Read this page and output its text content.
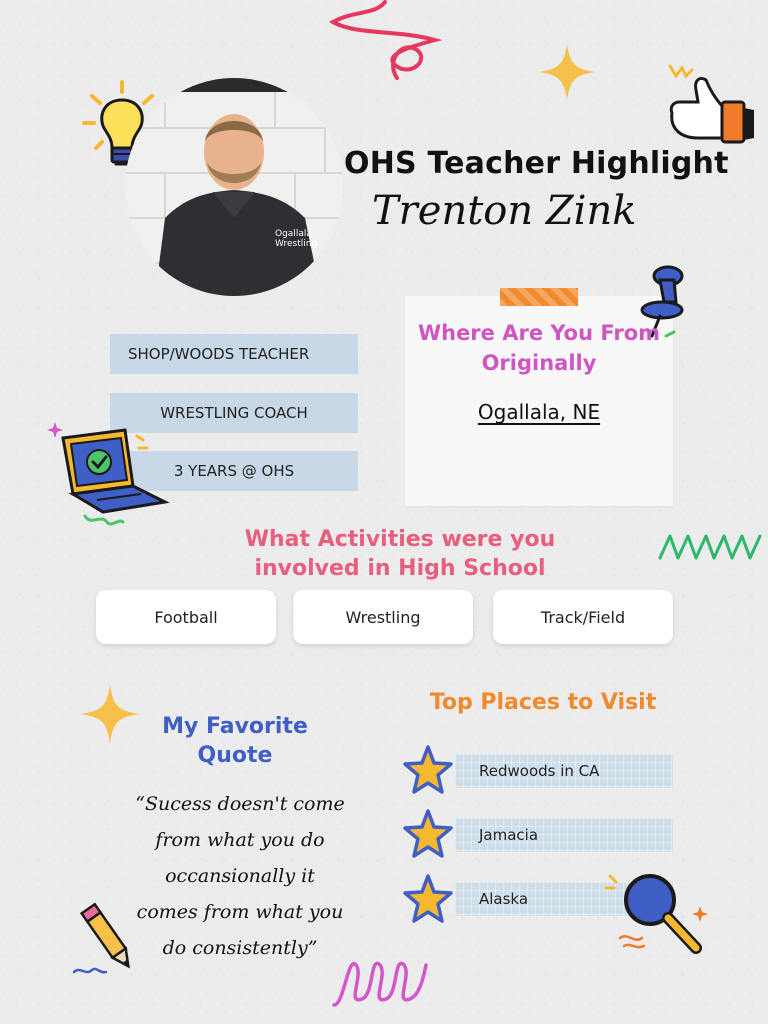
Ogallala
Wrestling
OHS Teacher Highlight
Trenton Zink
SHOP/WOODS TEACHER
WRESTLING COACH
3 YEARS @ OHS
Where Are You From
Originally
Ogallala, NE
What Activities were you
involved in High School
Football	Wrestling	Track/Field
My Favorite
Quote
“Sucess doesn't come
from what you do
occansionally it
comes from what you
do consistently”
Top Places to Visit
Redwoods in CA
Jamacia
Alaska
